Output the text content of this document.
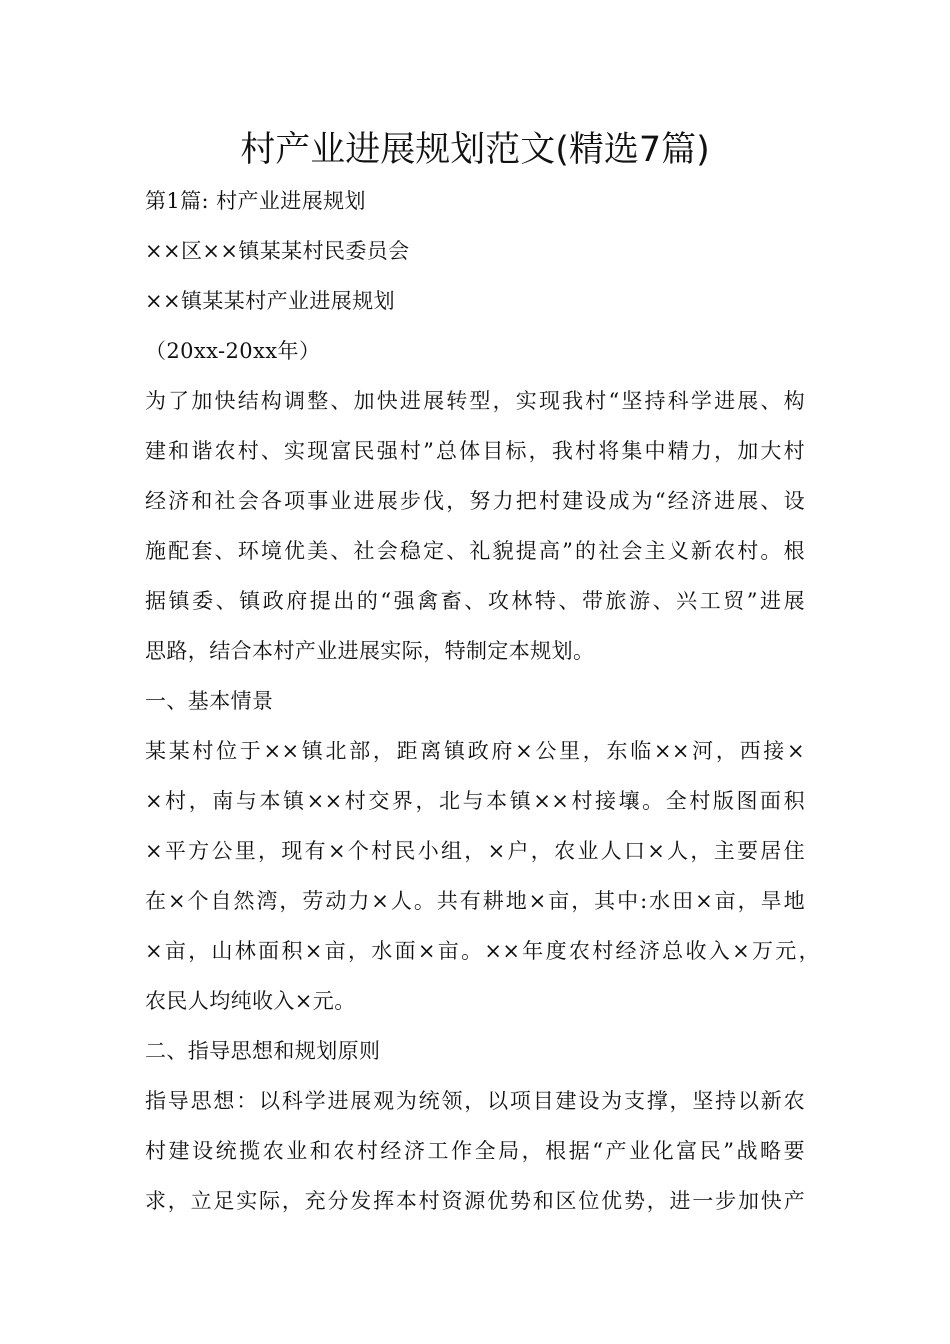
村产业进展规划范文(精选7篇)
第1篇: 村产业进展规划
××区××镇某某村民委员会
××镇某某村产业进展规划
（20xx-20xx年）
为了加快结构调整、加快进展转型，实现我村“坚持科学进展、构
建和谐农村、实现富民强村”总体目标，我村将集中精力，加大村
经济和社会各项事业进展步伐，努力把村建设成为“经济进展、设
施配套、环境优美、社会稳定、礼貌提高”的社会主义新农村。根
据镇委、镇政府提出的“强禽畜、攻林特、带旅游、兴工贸”进展
思路，结合本村产业进展实际，特制定本规划。
一、基本情景
某某村位于××镇北部，距离镇政府×公里，东临××河，西接×
×村，南与本镇××村交界，北与本镇××村接壤。全村版图面积
×平方公里，现有×个村民小组，×户，农业人口×人，主要居住
在×个自然湾，劳动力×人。共有耕地×亩，其中:水田×亩，旱地
×亩，山林面积×亩，水面×亩。××年度农村经济总收入×万元，
农民人均纯收入×元。
二、指导思想和规划原则
指导思想：以科学进展观为统领，以项目建设为支撑，坚持以新农
村建设统揽农业和农村经济工作全局，根据“产业化富民”战略要
求，立足实际，充分发挥本村资源优势和区位优势，进一步加快产
